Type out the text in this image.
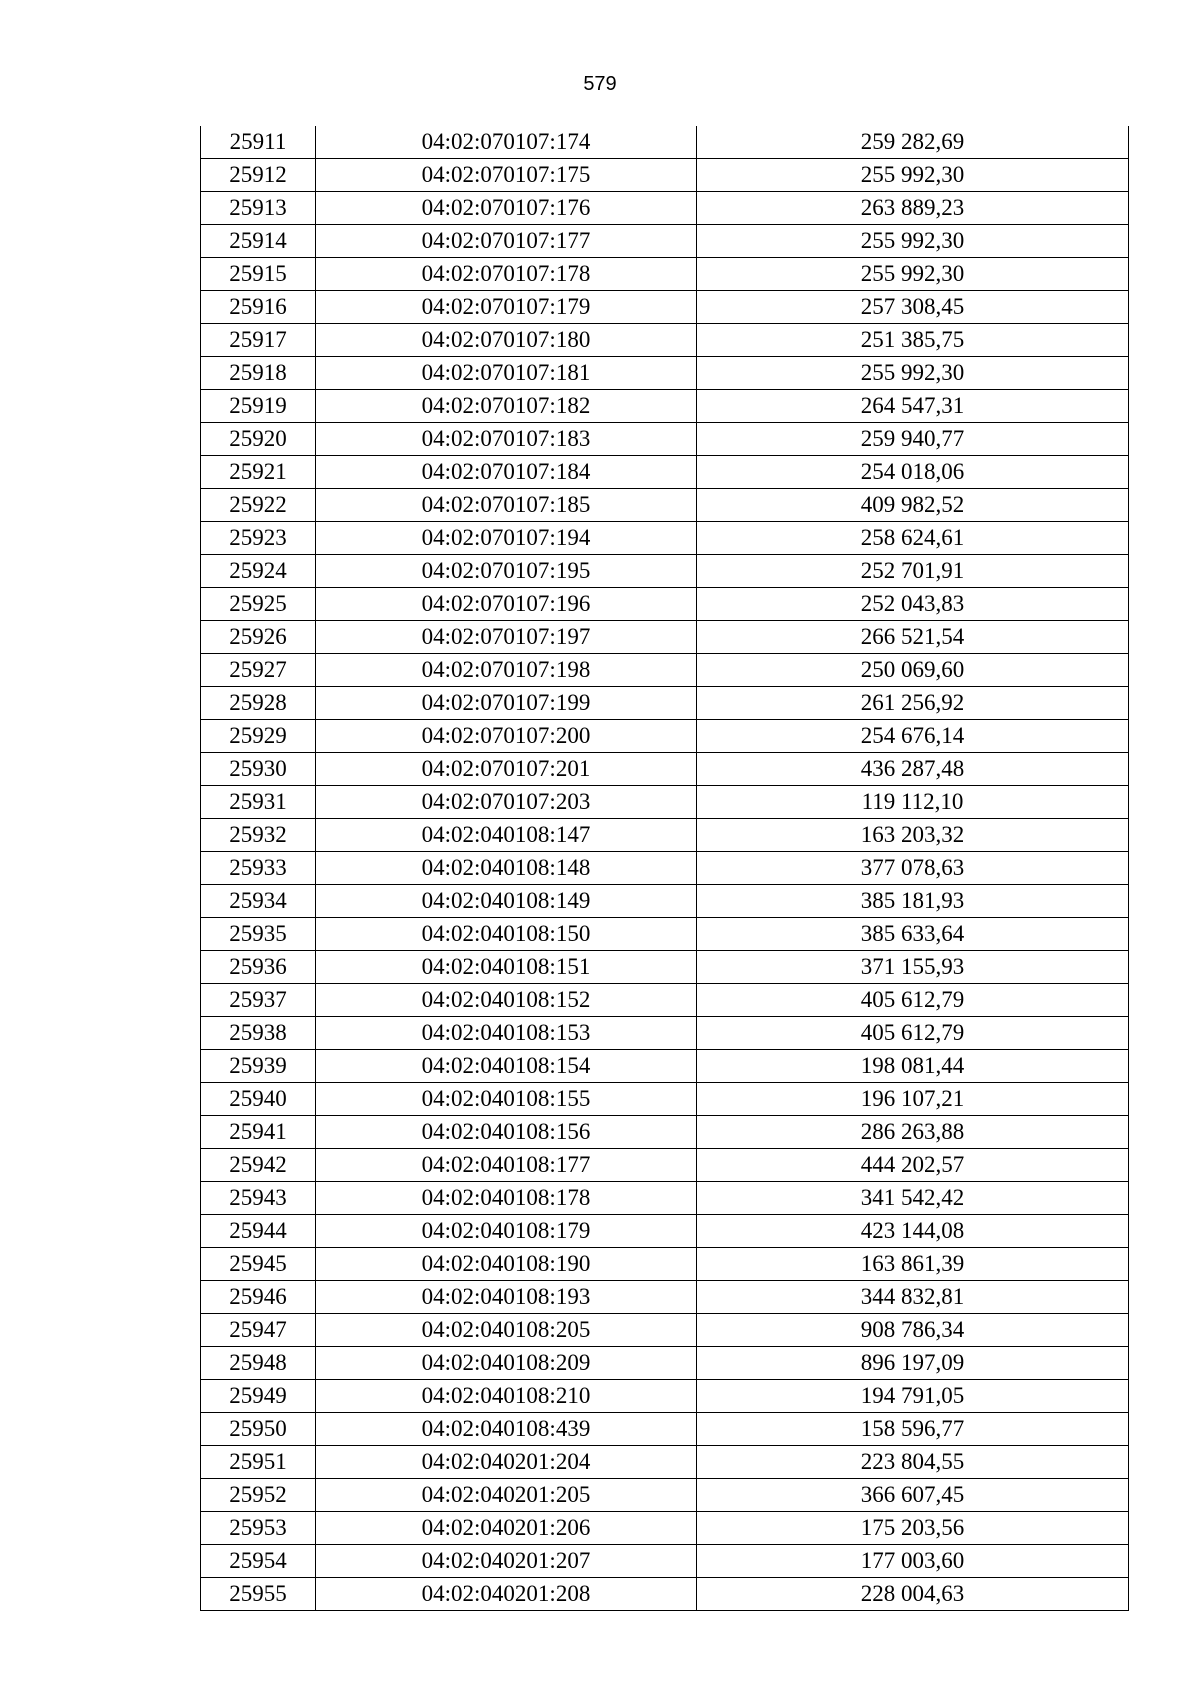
579
25911	04:02:070107:174	259 282,69
25912	04:02:070107:175	255 992,30
25913	04:02:070107:176	263 889,23
25914	04:02:070107:177	255 992,30
25915	04:02:070107:178	255 992,30
25916	04:02:070107:179	257 308,45
25917	04:02:070107:180	251 385,75
25918	04:02:070107:181	255 992,30
25919	04:02:070107:182	264 547,31
25920	04:02:070107:183	259 940,77
25921	04:02:070107:184	254 018,06
25922	04:02:070107:185	409 982,52
25923	04:02:070107:194	258 624,61
25924	04:02:070107:195	252 701,91
25925	04:02:070107:196	252 043,83
25926	04:02:070107:197	266 521,54
25927	04:02:070107:198	250 069,60
25928	04:02:070107:199	261 256,92
25929	04:02:070107:200	254 676,14
25930	04:02:070107:201	436 287,48
25931	04:02:070107:203	119 112,10
25932	04:02:040108:147	163 203,32
25933	04:02:040108:148	377 078,63
25934	04:02:040108:149	385 181,93
25935	04:02:040108:150	385 633,64
25936	04:02:040108:151	371 155,93
25937	04:02:040108:152	405 612,79
25938	04:02:040108:153	405 612,79
25939	04:02:040108:154	198 081,44
25940	04:02:040108:155	196 107,21
25941	04:02:040108:156	286 263,88
25942	04:02:040108:177	444 202,57
25943	04:02:040108:178	341 542,42
25944	04:02:040108:179	423 144,08
25945	04:02:040108:190	163 861,39
25946	04:02:040108:193	344 832,81
25947	04:02:040108:205	908 786,34
25948	04:02:040108:209	896 197,09
25949	04:02:040108:210	194 791,05
25950	04:02:040108:439	158 596,77
25951	04:02:040201:204	223 804,55
25952	04:02:040201:205	366 607,45
25953	04:02:040201:206	175 203,56
25954	04:02:040201:207	177 003,60
25955	04:02:040201:208	228 004,63
